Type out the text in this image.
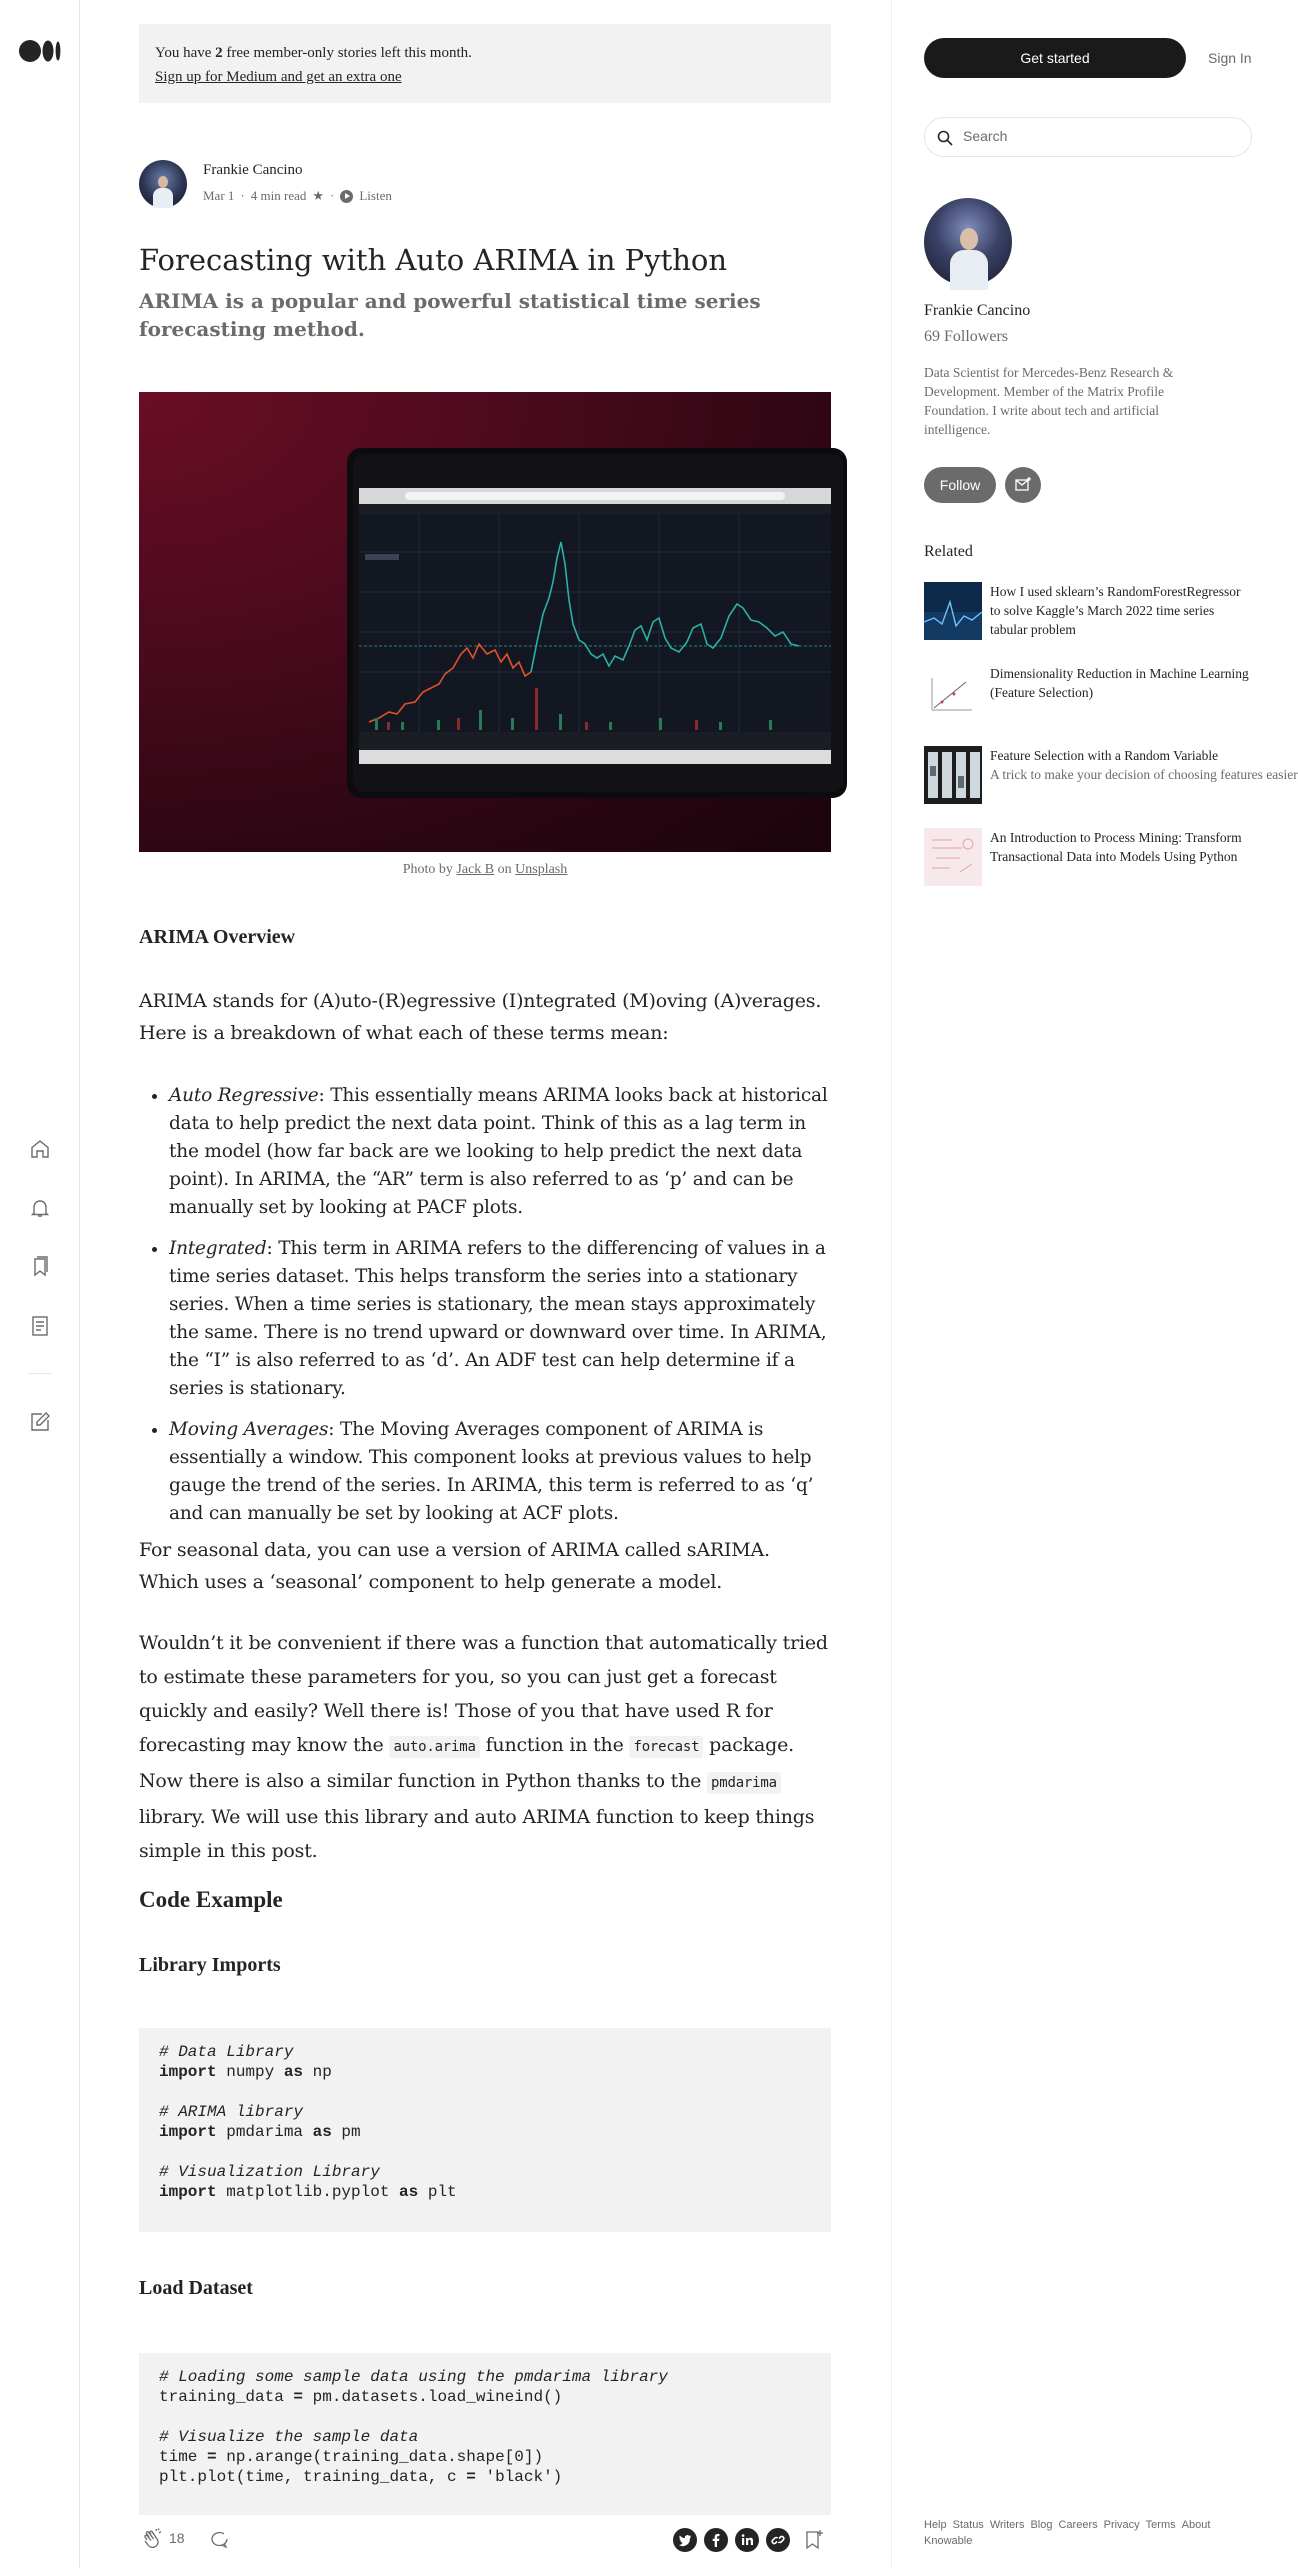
You have 2 free member-only stories left this month.
Sign up for Medium and get an extra one
Frankie Cancino
Mar 1 · 4 min read ★ · Listen
Forecasting with Auto ARIMA in Python
ARIMA is a popular and powerful statistical time series forecasting method.
Photo by Jack B on Unsplash
ARIMA Overview

ARIMA stands for (A)uto-(R)egressive (I)ntegrated (M)oving (A)verages. Here is a breakdown of what each of these terms mean:

• Auto Regressive: This essentially means ARIMA looks back at historical data to help predict the next data point. Think of this as a lag term in the model (how far back are we looking to help predict the next data point). In ARIMA, the “AR” term is also referred to as ‘p’ and can be manually set by looking at PACF plots.
• Integrated: This term in ARIMA refers to the differencing of values in a time series dataset. This helps transform the series into a stationary series. When a time series is stationary, the mean stays approximately the same. There is no trend upward or downward over time. In ARIMA, the “I” is also referred to as ‘d’. An ADF test can help determine if a series is stationary.
• Moving Averages: The Moving Averages component of ARIMA is essentially a window. This component looks at previous values to help gauge the trend of the series. In ARIMA, this term is referred to as ‘q’ and can manually be set by looking at ACF plots.

For seasonal data, you can use a version of ARIMA called sARIMA. Which uses a ‘seasonal’ component to help generate a model.

Wouldn’t it be convenient if there was a function that automatically tried to estimate these parameters for you, so you can just get a forecast quickly and easily? Well there is! Those of you that have used R for forecasting may know the auto.arima function in the forecast package. Now there is also a similar function in Python thanks to the pmdarima library. We will use this library and auto ARIMA function to keep things simple in this post.

Code Example
Library Imports
# Data Library
import numpy as np

# ARIMA library
import pmdarima as pm

# Visualization Library
import matplotlib.pyplot as plt
Load Dataset
# Loading some sample data using the pmdarima library
training_data = pm.datasets.load_wineind()

# Visualize the sample data
time = np.arange(training_data.shape[0])
plt.plot(time, training_data, c = 'black')
18
Get started	Sign In
Search
Frankie Cancino
69 Followers
Data Scientist for Mercedes-Benz Research & Development. Member of the Matrix Profile Foundation. I write about tech and artificial intelligence.
Follow
Related
How I used sklearn’s RandomForestRegressor to solve Kaggle’s March 2022 time series tabular problem
Dimensionality Reduction in Machine Learning (Feature Selection)
Feature Selection with a Random Variable
A trick to make your decision of choosing features easier
An Introduction to Process Mining: Transform Transactional Data into Models Using Python
Help Status Writers Blog Careers Privacy Terms About
Knowable
